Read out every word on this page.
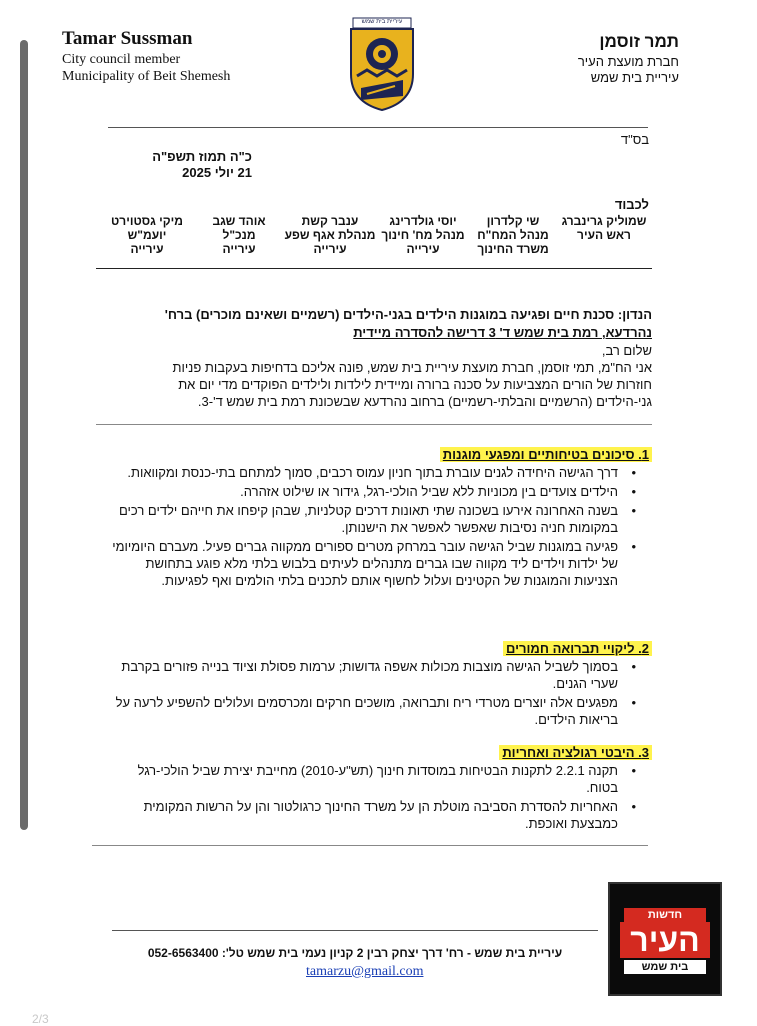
Tamar Sussman
City council member
Municipality of Beit Shemesh
תמר זוסמן
חברת מועצת העיר
עיריית בית שמש
עיריית בית שמש
בס"ד
כ"ה תמוז תשפ"ה
21 יולי 2025
לכבוד
שמוליק גרינברג
ראש העיר
שי קלדרון
מנהל המח"ח
משרד החינוך
יוסי גולדרינג
מנהל מח' חינוך
עירייה
ענבר קשת
מנהלת אגף שפע
עירייה
אוהד שגב
מנכ"ל
עירייה
מיקי גסטוירט
יועמ"ש
עירייה
הנדון: סכנת חיים ופגיעה במוגנות הילדים בגני-הילדים (רשמיים ושאינם מוכרים) ברח'
נהרדעא, רמת בית שמש ד' 3 דרישה להסדרה מיידית
שלום רב,
אני הח"מ, תמי זוסמן, חברת מועצת עיריית בית שמש, פונה אליכם בדחיפות בעקבות פניות
חוזרות של הורים המצביעות על סכנה ברורה ומיידית לילדות ולילדים הפוקדים מדי יום את
גני-הילדים (הרשמיים והבלתי-רשמיים) ברחוב נהרדעא שבשכונת רמת בית שמש ד'-3.
1. סיכונים בטיחותיים ומפגעי מוגנות
• דרך הגישה היחידה לגנים עוברת בתוך חניון עמוס רכבים, סמוך למתחם בתי-כנסת ומקוואות.
• הילדים צועדים בין מכוניות ללא שביל הולכי-רגל, גידור או שילוט אזהרה.
• בשנה האחרונה אירעו בשכונה שתי תאונות דרכים קטלניות, שבהן קיפחו את חייהם ילדים רכים במקומות חניה נסיבות שאפשר לאפשר את הישנותן.
• פגיעה במוגנות שביל הגישה עובר במרחק מטרים ספורים ממקווה גברים פעיל. מעברם היומיומי של ילדות וילדים ליד מקווה שבו גברים מתנהלים לעיתים בלבוש בלתי מלא פוגע בתחושת הצניעות והמוגנות של הקטינים ועלול לחשוף אותם לתכנים בלתי הולמים ואף לפגיעות.
2. ליקויי תברואה חמורים
• בסמוך לשביל הגישה מוצבות מכולות אשפה גדושות; ערמות פסולת וציוד בנייה פזורים בקרבת שערי הגנים.
• מפגעים אלה יוצרים מטרדי ריח ותברואה, מושכים חרקים ומכרסמים ועלולים להשפיע לרעה על בריאות הילדים.
3. היבטי רגולציה ואחריות
• תקנה 2.2.1 לתקנות הבטיחות במוסדות חינוך (תש"ע-2010) מחייבת יצירת שביל הולכי-רגל בטוח.
• האחריות להסדרת הסביבה מוטלת הן על משרד החינוך כרגולטור והן על הרשות המקומית כמבצעת ואוכפת.
חדשות
העיר
בית שמש
עיריית בית שמש - רח' דרך יצחק רבין 2 קניון נעמי בית שמש טל': 052-6563400
tamarzu@gmail.com
2/3
